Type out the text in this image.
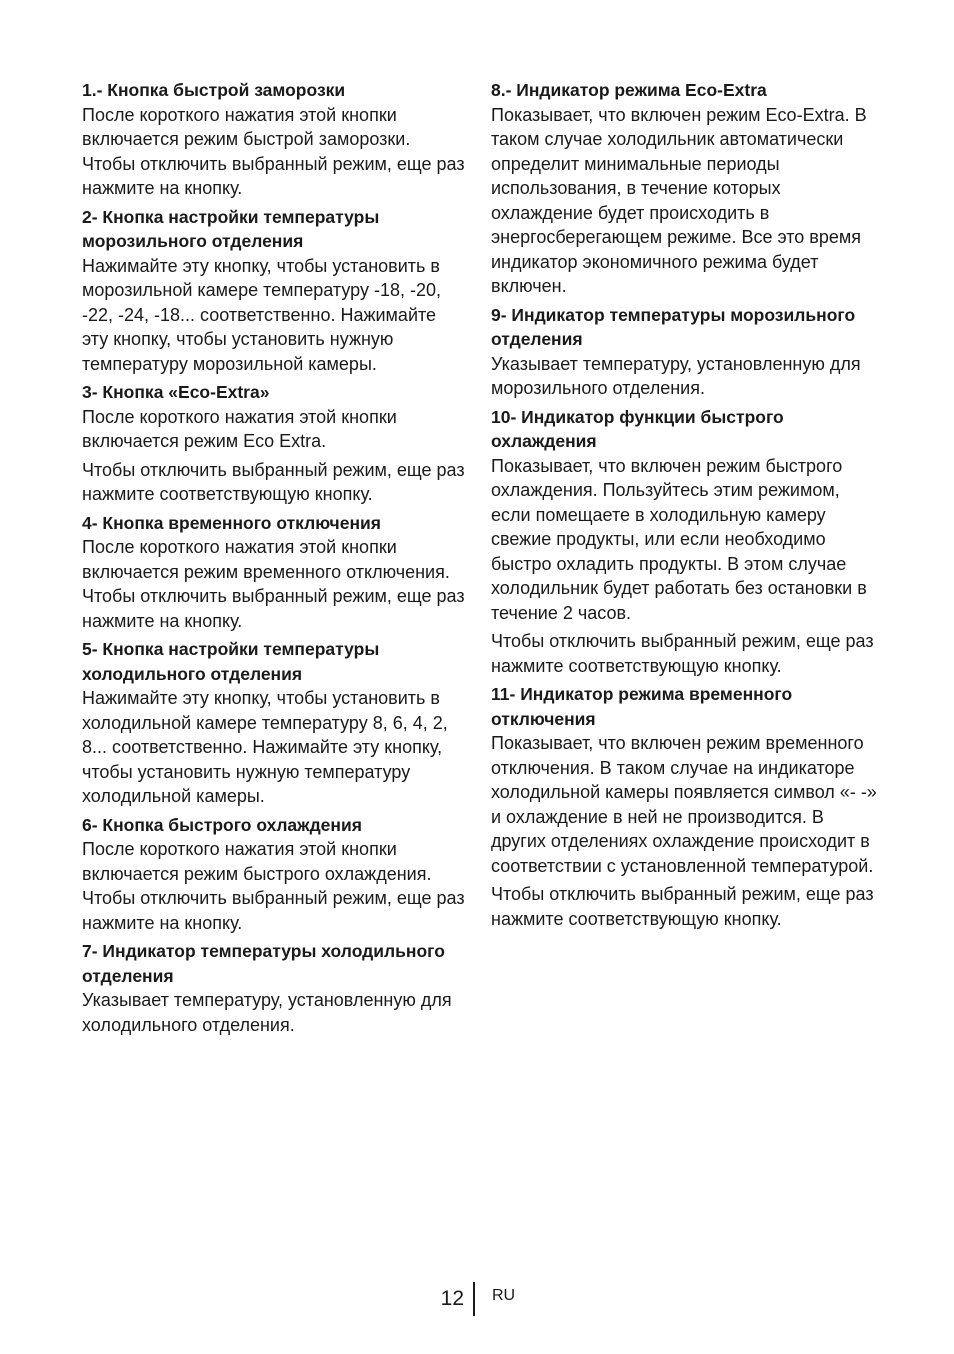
1.- Кнопка быстрой заморозки

После короткого нажатия этой кнопки включается режим быстрой заморозки. Чтобы отключить выбранный режим, еще раз нажмите на кнопку.

2- Кнопка настройки температуры морозильного отделения

Нажимайте эту кнопку, чтобы установить в морозильной камере температуру -18, -20, -22, -24, -18... соответственно. Нажимайте эту кнопку, чтобы установить нужную температуру морозильной камеры.

3- Кнопка «Eco-Extra»

После короткого нажатия этой кнопки включается режим Eco Extra.

Чтобы отключить выбранный режим, еще раз нажмите соответствующую кнопку.

4- Кнопка временного отключения

После короткого нажатия этой кнопки включается режим временного отключения. Чтобы отключить выбранный режим, еще раз нажмите на кнопку.

5- Кнопка настройки температуры холодильного отделения

Нажимайте эту кнопку, чтобы установить в холодильной камере температуру 8, 6, 4, 2, 8... соответственно. Нажимайте эту кнопку, чтобы установить нужную температуру холодильной камеры.

6- Кнопка быстрого охлаждения

После короткого нажатия этой кнопки включается режим быстрого охлаждения. Чтобы отключить выбранный режим, еще раз нажмите на кнопку.

7- Индикатор температуры холодильного отделения

Указывает температуру, установленную для холодильного отделения.

8.- Индикатор режима Eco-Extra

Показывает, что включен режим Eco-Extra. В таком случае холодильник автоматически определит минимальные периоды использования, в течение которых охлаждение будет происходить в энергосберегающем режиме. Все это время индикатор экономичного режима будет включен.

9- Индикатор температуры морозильного отделения

Указывает температуру, установленную для морозильного отделения.

10- Индикатор функции быстрого охлаждения

Показывает, что включен режим быстрого охлаждения. Пользуйтесь этим режимом, если помещаете в холодильную камеру свежие продукты, или если необходимо быстро охладить продукты. В этом случае холодильник будет работать без остановки в течение 2 часов.

Чтобы отключить выбранный режим, еще раз нажмите соответствующую кнопку.

11- Индикатор режима временного отключения

Показывает, что включен режим временного отключения. В таком случае на индикаторе холодильной камеры появляется символ «- -» и охлаждение в ней не производится. В других отделениях охлаждение происходит в соответствии с установленной температурой.

Чтобы отключить выбранный режим, еще раз нажмите соответствующую кнопку.

12 RU
